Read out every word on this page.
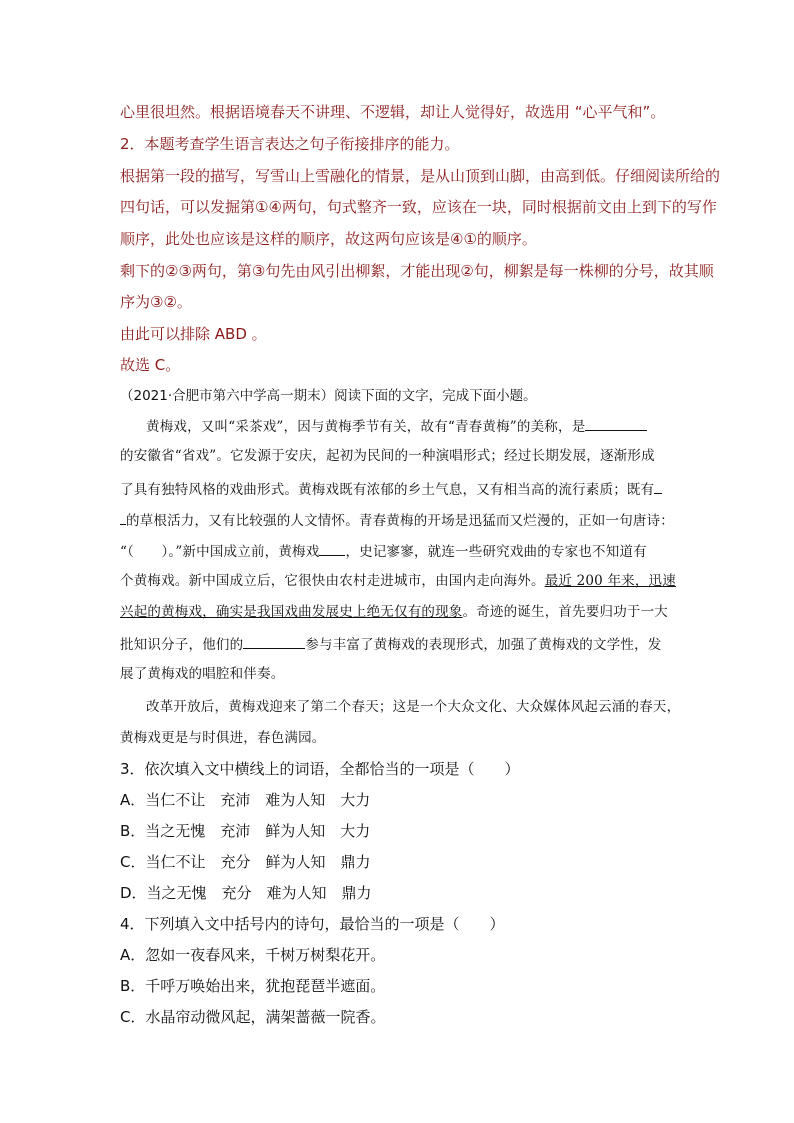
心里很坦然。根据语境春天不讲理、不逻辑，却让人觉得好，故选用 “心平气和”。
2．本题考查学生语言表达之句子衔接排序的能力。
根据第一段的描写，写雪山上雪融化的情景，是从山顶到山脚，由高到低。仔细阅读所给的
四句话，可以发掘第①④两句，句式整齐一致，应该在一块，同时根据前文由上到下的写作
顺序，此处也应该是这样的顺序，故这两句应该是④①的顺序。
剩下的②③两句，第③句先由风引出柳絮，才能出现②句，柳絮是每一株柳的分号，故其顺
序为③②。
由此可以排除 ABD 。
故选 C。
（2021·合肥市第六中学高一期末）阅读下面的文字，完成下面小题。
黄梅戏，又叫“采茶戏”，因与黄梅季节有关，故有“青春黄梅”的美称，是
的安徽省“省戏”。它发源于安庆，起初为民间的一种演唱形式；经过长期发展，逐渐形成
了具有独特风格的戏曲形式。黄梅戏既有浓郁的乡土气息，又有相当高的流行素质；既有
的草根活力，又有比较强的人文情怀。青春黄梅的开场是迅猛而又烂漫的，正如一句唐诗：
“（　　）。”新中国成立前，黄梅戏 ，史记寥寥，就连一些研究戏曲的专家也不知道有
个黄梅戏。新中国成立后，它很快由农村走进城市，由国内走向海外。最近 200 年来，迅速
兴起的黄梅戏，确实是我国戏曲发展史上绝无仅有的现象。奇迹的诞生，首先要归功于一大
批知识分子，他们的	参与丰富了黄梅戏的表现形式，加强了黄梅戏的文学性，发
展了黄梅戏的唱腔和伴奏。
改革开放后，黄梅戏迎来了第二个春天；这是一个大众文化、大众媒体风起云涌的春天，
黄梅戏更是与时俱进，春色满园。
3．依次填入文中横线上的词语，全都恰当的一项是（　　）
A．当仁不让　充沛　难为人知　大力
B．当之无愧　充沛　鲜为人知　大力
C．当仁不让　充分　鲜为人知　鼎力
D．当之无愧　充分　难为人知　鼎力
4．下列填入文中括号内的诗句，最恰当的一项是（　　）
A．忽如一夜春风来，千树万树梨花开。
B．千呼万唤始出来，犹抱琵琶半遮面。
C．水晶帘动微风起，满架蔷薇一院香。
